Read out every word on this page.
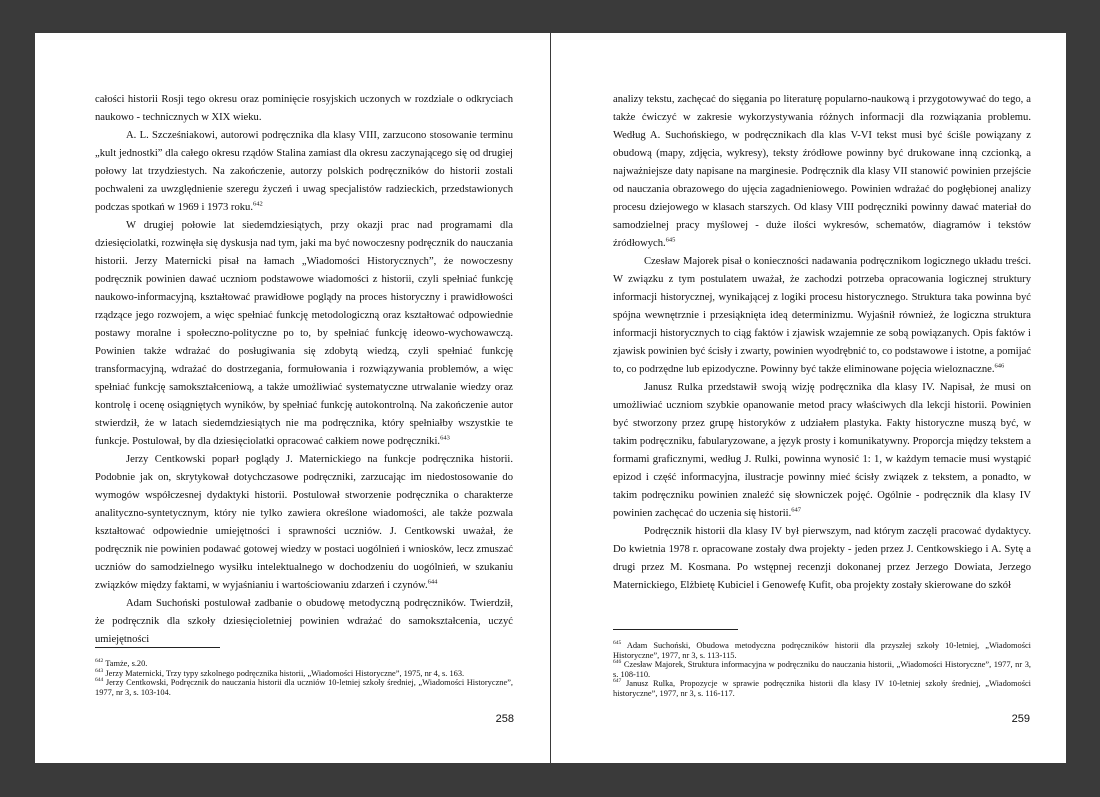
całości historii Rosji tego okresu oraz pominięcie rosyjskich uczonych w rozdziale o odkryciach naukowo - technicznych w XIX wieku.

A. L. Szcześniakowi, autorowi podręcznika dla klasy VIII, zarzucono stosowanie terminu „kult jednostki” dla całego okresu rządów Stalina zamiast dla okresu zaczynającego się od drugiej połowy lat trzydziestych. Na zakończenie, autorzy polskich podręczników do historii zostali pochwaleni za uwzględnienie szeregu życzeń i uwag specjalistów radzieckich, przedstawionych podczas spotkań w 1969 i 1973 roku.$^{642}$

W drugiej połowie lat siedemdziesiątych, przy okazji prac nad programami dla dziesięciolatki, rozwinęła się dyskusja nad tym, jaki ma być nowoczesny podręcznik do nauczania historii. Jerzy Maternicki pisał na łamach „Wiadomości Historycznych”, że nowoczesny podręcznik powinien dawać uczniom podstawowe wiadomości z historii, czyli spełniać funkcję naukowo-informacyjną, kształtować prawidłowe poglądy na proces historyczny i prawidłowości rządzące jego rozwojem, a więc spełniać funkcję metodologiczną oraz kształtować odpowiednie postawy moralne i społeczno-polityczne po to, by spełniać funkcję ideowo-wychowawczą. Powinien także wdrażać do posługiwania się zdobytą wiedzą, czyli spełniać funkcję transformacyjną, wdrażać do dostrzegania, formułowania i rozwiązywania problemów, a więc spełniać funkcję samokształceniową, a także umożliwiać systematyczne utrwalanie wiedzy oraz kontrolę i ocenę osiągniętych wyników, by spełniać funkcję autokontrolną. Na zakończenie autor stwierdził, że w latach siedemdziesiątych nie ma podręcznika, który spełniałby wszystkie te funkcje. Postulował, by dla dziesięciolatki opracować całkiem nowe podręczniki.$^{643}$

Jerzy Centkowski poparł poglądy J. Maternickiego na funkcje podręcznika historii. Podobnie jak on, skrytykował dotychczasowe podręczniki, zarzucając im niedostosowanie do wymogów współczesnej dydaktyki historii. Postulował stworzenie podręcznika o charakterze analityczno-syntetycznym, który nie tylko zawiera określone wiadomości, ale także pozwala kształtować odpowiednie umiejętności i sprawności uczniów. J. Centkowski uważał, że podręcznik nie powinien podawać gotowej wiedzy w postaci uogólnień i wniosków, lecz zmuszać uczniów do samodzielnego wysiłku intelektualnego w dochodzeniu do uogólnień, w szukaniu związków między faktami, w wyjaśnianiu i wartościowaniu zdarzeń i czynów.$^{644}$

Adam Suchoński postulował zadbanie o obudowę metodyczną podręczników. Twierdził, że podręcznik dla szkoły dziesięcioletniej powinien wdrażać do samokształcenia, uczyć umiejętności

$^{642}$ Tamże, s.20.
$^{643}$ Jerzy Maternicki, Trzy typy szkolnego podręcznika historii, „Wiadomości Historyczne”, 1975, nr 4, s. 163.
$^{644}$ Jerzy Centkowski, Podręcznik do nauczania historii dla uczniów 10-letniej szkoły średniej, „Wiadomości Historyczne”, 1977, nr 3, s. 103-104.
258

analizy tekstu, zachęcać do sięgania po literaturę popularno-naukową i przygotowywać do tego, a także ćwiczyć w zakresie wykorzystywania różnych informacji dla rozwiązania problemu. Według A. Suchońskiego, w podręcznikach dla klas V-VI tekst musi być ściśle powiązany z obudową (mapy, zdjęcia, wykresy), teksty źródłowe powinny być drukowane inną czcionką, a najważniejsze daty napisane na marginesie. Podręcznik dla klasy VII stanowić powinien przejście od nauczania obrazowego do ujęcia zagadnieniowego. Powinien wdrażać do pogłębionej analizy procesu dziejowego w klasach starszych. Od klasy VIII podręczniki powinny dawać materiał do samodzielnej pracy myślowej - duże ilości wykresów, schematów, diagramów i tekstów źródłowych.$^{645}$

Czesław Majorek pisał o konieczności nadawania podręcznikom logicznego układu treści. W związku z tym postulatem uważał, że zachodzi potrzeba opracowania logicznej struktury informacji historycznej, wynikającej z logiki procesu historycznego. Struktura taka powinna być spójna wewnętrznie i przesiąknięta ideą determinizmu. Wyjaśnił również, że logiczna struktura informacji historycznych to ciąg faktów i zjawisk wzajemnie ze sobą powiązanych. Opis faktów i zjawisk powinien być ścisły i zwarty, powinien wyodrębnić to, co podstawowe i istotne, a pomijać to, co podrzędne lub epizodyczne. Powinny być także eliminowane pojęcia wieloznaczne.$^{646}$

Janusz Rulka przedstawił swoją wizję podręcznika dla klasy IV. Napisał, że musi on umożliwiać uczniom szybkie opanowanie metod pracy właściwych dla lekcji historii. Powinien być stworzony przez grupę historyków z udziałem plastyka. Fakty historyczne muszą być, w takim podręczniku, fabularyzowane, a język prosty i komunikatywny. Proporcja między tekstem a formami graficznymi, według J. Rulki, powinna wynosić 1: 1, w każdym temacie musi wystąpić epizod i część informacyjna, ilustracje powinny mieć ścisły związek z tekstem, a ponadto, w takim podręczniku powinien znaleźć się słowniczek pojęć. Ogólnie - podręcznik dla klasy IV powinien zachęcać do uczenia się historii.$^{647}$

Podręcznik historii dla klasy IV był pierwszym, nad którym zaczęli pracować dydaktycy. Do kwietnia 1978 r. opracowane zostały dwa projekty - jeden przez J. Centkowskiego i A. Sytę a drugi przez M. Kosmana. Po wstępnej recenzji dokonanej przez Jerzego Dowiata, Jerzego Maternickiego, Elżbietę Kubiciel i Genowefę Kufit, oba projekty zostały skierowane do szkół

$^{645}$ Adam Suchoński, Obudowa metodyczna podręczników historii dla przyszłej szkoły 10-letniej, „Wiadomości Historyczne”, 1977, nr 3, s. 113-115.
$^{646}$ Czesław Majorek, Struktura informacyjna w podręczniku do nauczania historii, „Wiadomości Historyczne”, 1977, nr 3, s. 108-110.
$^{647}$ Janusz Rulka, Propozycje w sprawie podręcznika historii dla klasy IV 10-letniej szkoły średniej, „Wiadomości historyczne”, 1977, nr 3, s. 116-117.
259
